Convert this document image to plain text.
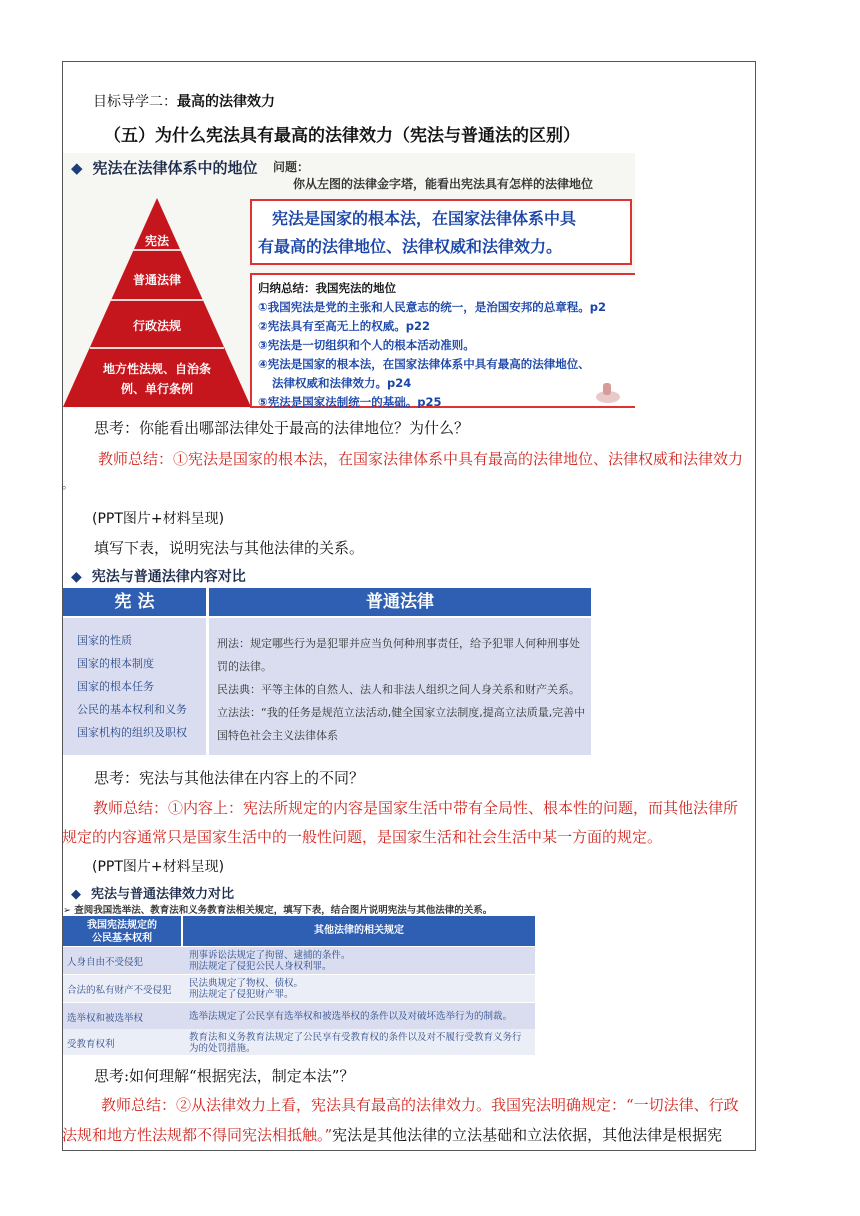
目标导学二：最高的法律效力
（五）为什么宪法具有最高的法律效力（宪法与普通法的区别）
◆ 宪法在法律体系中的地位 问题：
你从左图的法律金字塔，能看出宪法具有怎样的法律地位
宪法
普通法律
行政法规
地方性法规、自治条
例、单行条例
宪法是国家的根本法，在国家法律体系中具
有最高的法律地位、法律权威和法律效力。
归纳总结：我国宪法的地位
①我国宪法是党的主张和人民意志的统一，是治国安邦的总章程。p2
②宪法具有至高无上的权威。p22
③宪法是一切组织和个人的根本活动准则。
④宪法是国家的根本法，在国家法律体系中具有最高的法律地位、
法律权威和法律效力。p24
⑤宪法是国家法制统一的基础。p25
思考：你能看出哪部法律处于最高的法律地位？为什么？
教师总结：①宪法是国家的根本法，在国家法律体系中具有最高的法律地位、法律权威和法律效力
。
(PPT图片+材料呈现)
填写下表，说明宪法与其他法律的关系。
◆ 宪法与普通法律内容对比
宪 法	普通法律
国家的性质
国家的根本制度
国家的根本任务
公民的基本权利和义务
国家机构的组织及职权
刑法：规定哪些行为是犯罪并应当负何种刑事责任，给予犯罪人何种刑事处
罚的法律。
民法典：平等主体的自然人、法人和非法人组织之间人身关系和财产关系。
立法法：“我的任务是规范立法活动,健全国家立法制度,提高立法质量,完善中
国特色社会主义法律体系
思考：宪法与其他法律在内容上的不同？
教师总结：①内容上：宪法所规定的内容是国家生活中带有全局性、根本性的问题，而其他法律所
规定的内容通常只是国家生活中的一般性问题，是国家生活和社会生活中某一方面的规定。
(PPT图片+材料呈现)
◆ 宪法与普通法律效力对比
➢ 查阅我国选举法、教育法和义务教育法相关规定，填写下表，结合图片说明宪法与其他法律的关系。
我国宪法规定的
公民基本权利
其他法律的相关规定
人身自由不受侵犯
刑事诉讼法规定了拘留、逮捕的条件。
刑法规定了侵犯公民人身权利罪。
合法的私有财产不受侵犯
民法典规定了物权、债权。
刑法规定了侵犯财产罪。
选举权和被选举权	选举法规定了公民享有选举权和被选举权的条件以及对破坏选举行为的制裁。
受教育权利
教育法和义务教育法规定了公民享有受教育权的条件以及对不履行受教育义务行
为的处罚措施。
思考:如何理解“根据宪法，制定本法”？
教师总结：②从法律效力上看，宪法具有最高的法律效力。我国宪法明确规定：“一切法律、行政
法规和地方性法规都不得同宪法相抵触。”宪法是其他法律的立法基础和立法依据，其他法律是根据宪
